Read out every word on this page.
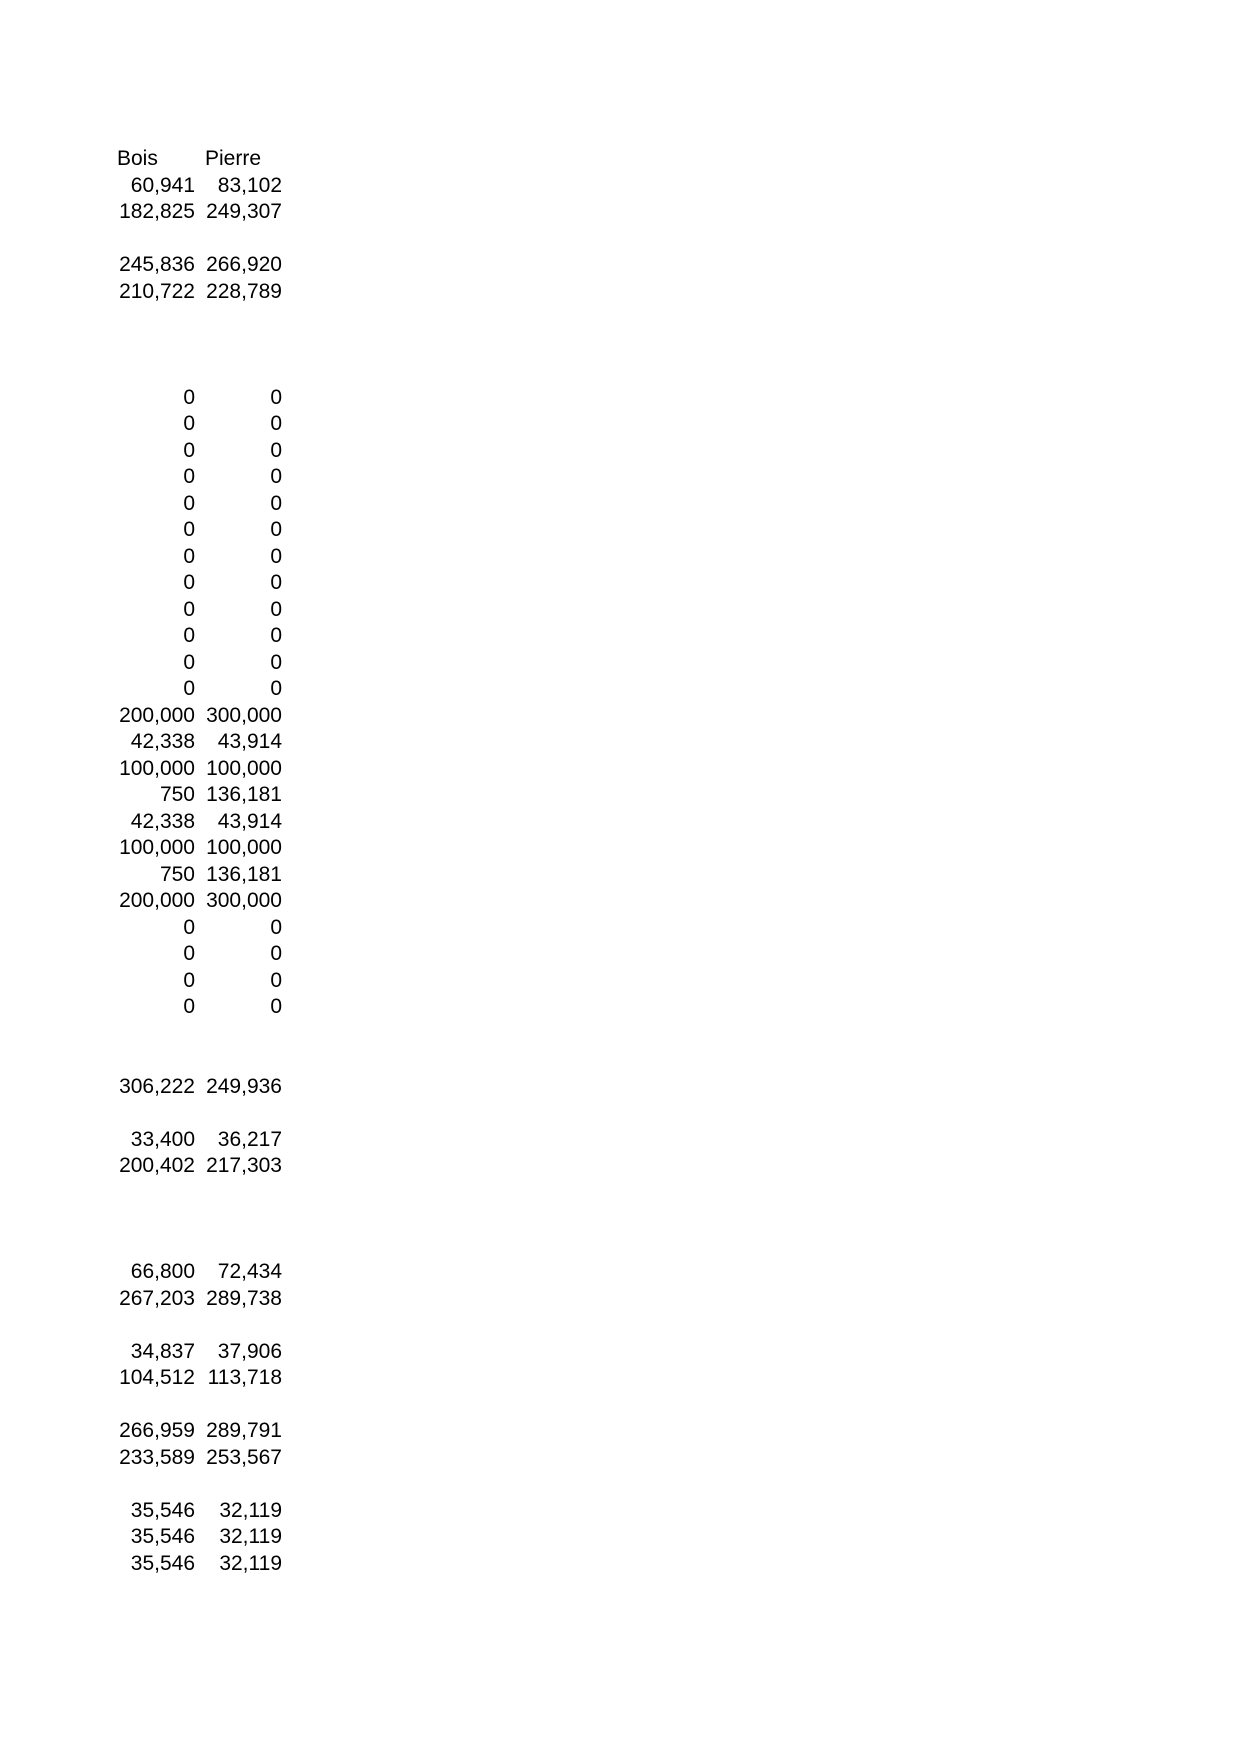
Bois	Pierre
60,941	83,102
182,825 249,307
245,836 266,920
210,722 228,789
0	0
0	0
0	0
0	0
0	0
0	0
0	0
0	0
0	0
0	0
0	0
0	0
200,000 300,000
42,338	43,914
100,000 100,000
750 136,181
42,338	43,914
100,000 100,000
750 136,181
200,000 300,000
0	0
0	0
0	0
0	0
306,222 249,936
33,400	36,217
200,402 217,303
66,800	72,434
267,203 289,738
34,837	37,906
104,512 113,718
266,959 289,791
233,589 253,567
35,546	32,119
35,546	32,119
35,546	32,119
